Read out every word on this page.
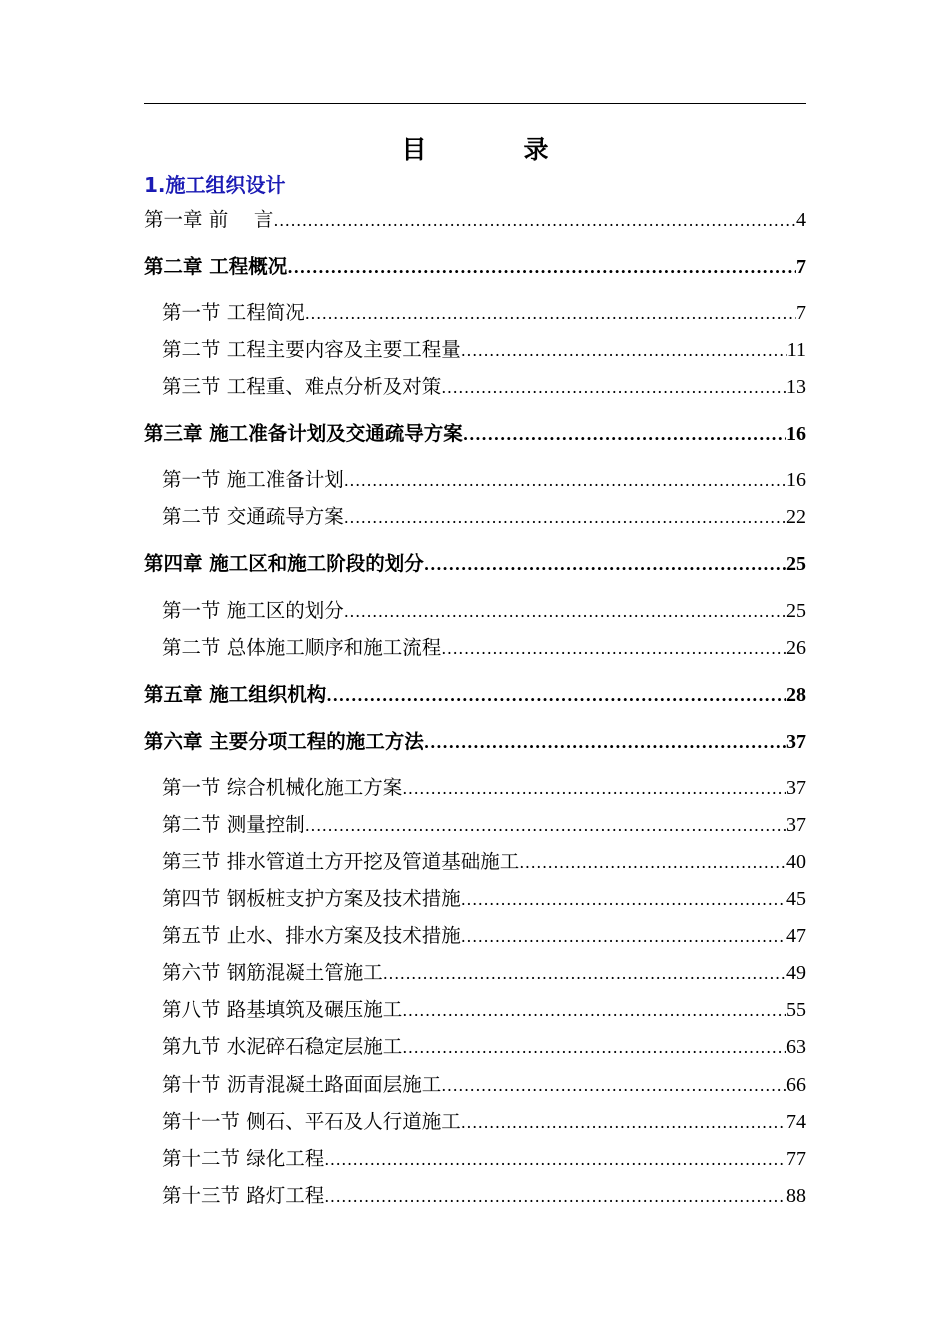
目　录
1.施工组织设计
第一章 前　 言 .....	4
第二章 工程概况 .....	7
第一节 工程简况 .....	7
第二节 工程主要内容及主要工程量 .....	11
第三节 工程重、难点分析及对策 .....	13
第三章 施工准备计划及交通疏导方案 .....	16
第一节 施工准备计划 .....	16
第二节 交通疏导方案 .....	22
第四章 施工区和施工阶段的划分 .....	25
第一节 施工区的划分 .....	25
第二节 总体施工顺序和施工流程 .....	26
第五章 施工组织机构 .....	28
第六章 主要分项工程的施工方法 .....	37
第一节 综合机械化施工方案 .....	37
第二节 测量控制 .....	37
第三节 排水管道土方开挖及管道基础施工 .....	40
第四节 钢板桩支护方案及技术措施 .....	45
第五节 止水、排水方案及技术措施 .....	47
第六节 钢筋混凝土管施工 .....	49
第八节 路基填筑及碾压施工 .....	55
第九节 水泥碎石稳定层施工 .....	63
第十节 沥青混凝土路面面层施工 .....	66
第十一节 侧石、平石及人行道施工 .....	74
第十二节 绿化工程 .....	77
第十三节 路灯工程 .....	88
